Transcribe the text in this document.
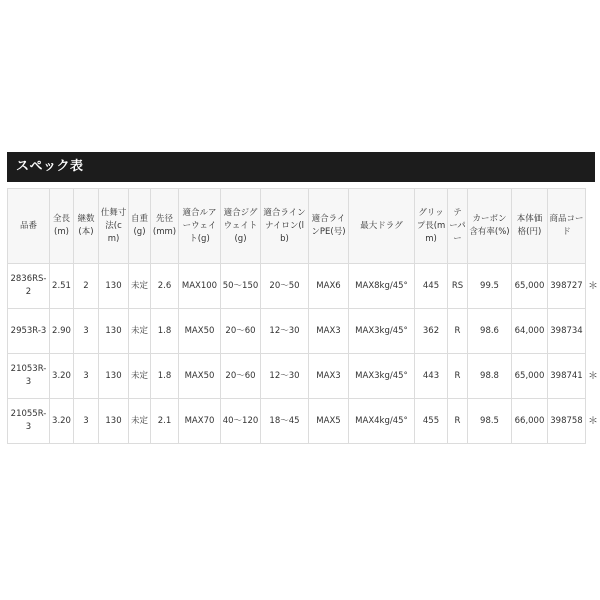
スペック表
品番	全長(m)	継数(本)	仕舞寸法(cm)	自重(g)	先径(mm)	適合ルアーウェイト(g)	適合ジグウェイト(g)	適合ラインナイロン(lb)	適合ラインPE(号)	最大ドラグ	グリップ長(mm)	テーパー	カーボン含有率(%)	本体価格(円)	商品コード	
2836RS-2	2.51	2	130	未定	2.6	MAX100	50〜150	20〜50	MAX6	MAX8kg/45°	445	RS	99.5	65,000	398727	＊
2953R-3	2.90	3	130	未定	1.8	MAX50	20〜60	12〜30	MAX3	MAX3kg/45°	362	R	98.6	64,000	398734	
21053R-3	3.20	3	130	未定	1.8	MAX50	20〜60	12〜30	MAX3	MAX3kg/45°	443	R	98.8	65,000	398741	＊
21055R-3	3.20	3	130	未定	2.1	MAX70	40〜120	18〜45	MAX5	MAX4kg/45°	455	R	98.5	66,000	398758	＊
